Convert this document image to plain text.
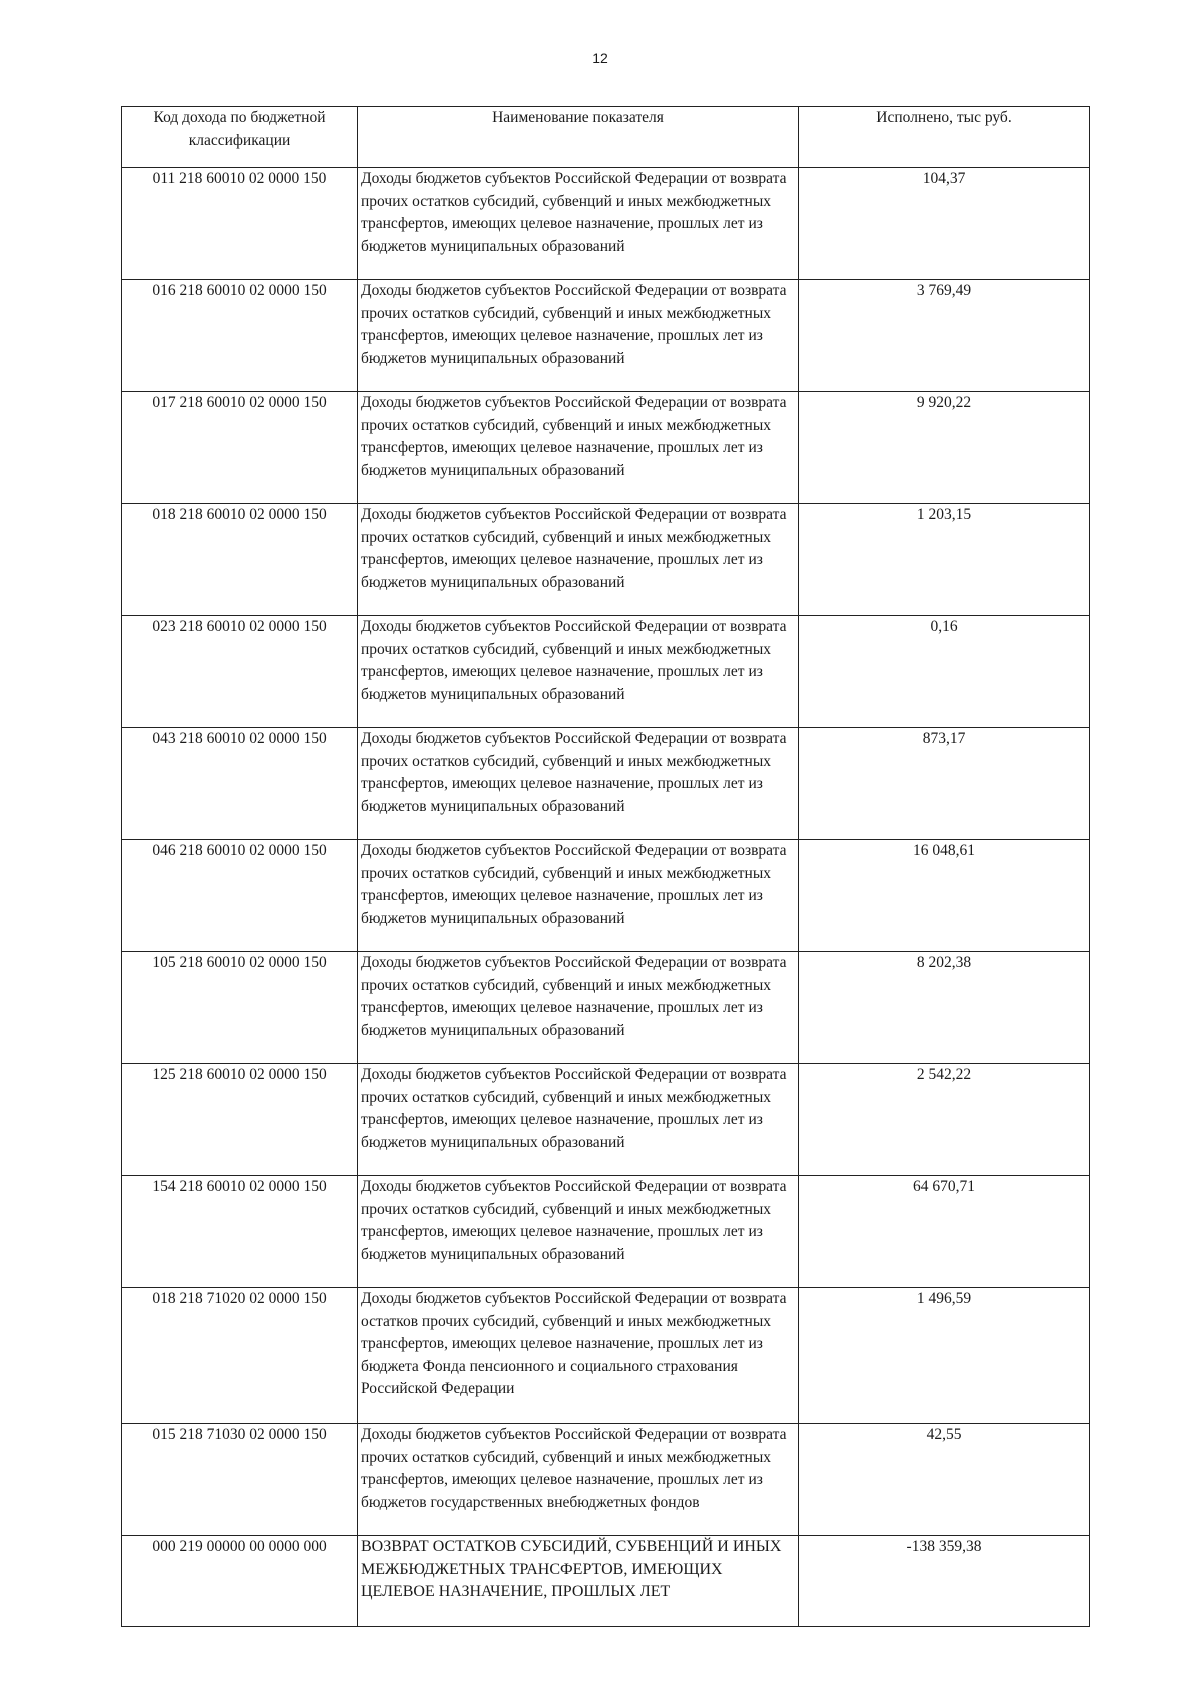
12
Код дохода по бюджетной классификации	Наименование показателя	Исполнено, тыс руб.
011 218 60010 02 0000 150	Доходы бюджетов субъектов Российской Федерации от возврата прочих остатков субсидий, субвенций и иных межбюджетных трансфертов, имеющих целевое назначение, прошлых лет из бюджетов муниципальных образований	104,37
016 218 60010 02 0000 150	Доходы бюджетов субъектов Российской Федерации от возврата прочих остатков субсидий, субвенций и иных межбюджетных трансфертов, имеющих целевое назначение, прошлых лет из бюджетов муниципальных образований	3 769,49
017 218 60010 02 0000 150	Доходы бюджетов субъектов Российской Федерации от возврата прочих остатков субсидий, субвенций и иных межбюджетных трансфертов, имеющих целевое назначение, прошлых лет из бюджетов муниципальных образований	9 920,22
018 218 60010 02 0000 150	Доходы бюджетов субъектов Российской Федерации от возврата прочих остатков субсидий, субвенций и иных межбюджетных трансфертов, имеющих целевое назначение, прошлых лет из бюджетов муниципальных образований	1 203,15
023 218 60010 02 0000 150	Доходы бюджетов субъектов Российской Федерации от возврата прочих остатков субсидий, субвенций и иных межбюджетных трансфертов, имеющих целевое назначение, прошлых лет из бюджетов муниципальных образований	0,16
043 218 60010 02 0000 150	Доходы бюджетов субъектов Российской Федерации от возврата прочих остатков субсидий, субвенций и иных межбюджетных трансфертов, имеющих целевое назначение, прошлых лет из бюджетов муниципальных образований	873,17
046 218 60010 02 0000 150	Доходы бюджетов субъектов Российской Федерации от возврата прочих остатков субсидий, субвенций и иных межбюджетных трансфертов, имеющих целевое назначение, прошлых лет из бюджетов муниципальных образований	16 048,61
105 218 60010 02 0000 150	Доходы бюджетов субъектов Российской Федерации от возврата прочих остатков субсидий, субвенций и иных межбюджетных трансфертов, имеющих целевое назначение, прошлых лет из бюджетов муниципальных образований	8 202,38
125 218 60010 02 0000 150	Доходы бюджетов субъектов Российской Федерации от возврата прочих остатков субсидий, субвенций и иных межбюджетных трансфертов, имеющих целевое назначение, прошлых лет из бюджетов муниципальных образований	2 542,22
154 218 60010 02 0000 150	Доходы бюджетов субъектов Российской Федерации от возврата прочих остатков субсидий, субвенций и иных межбюджетных трансфертов, имеющих целевое назначение, прошлых лет из бюджетов муниципальных образований	64 670,71
018 218 71020 02 0000 150	Доходы бюджетов субъектов Российской Федерации от возврата остатков прочих субсидий, субвенций и иных межбюджетных трансфертов, имеющих целевое назначение, прошлых лет из бюджета Фонда пенсионного и социального страхования Российской Федерации	1 496,59
015 218 71030 02 0000 150	Доходы бюджетов субъектов Российской Федерации от возврата прочих остатков субсидий, субвенций и иных межбюджетных трансфертов, имеющих целевое назначение, прошлых лет из бюджетов государственных внебюджетных фондов	42,55
000 219 00000 00 0000 000	ВОЗВРАТ ОСТАТКОВ СУБСИДИЙ, СУБВЕНЦИЙ И ИНЫХ МЕЖБЮДЖЕТНЫХ ТРАНСФЕРТОВ, ИМЕЮЩИХ ЦЕЛЕВОЕ НАЗНАЧЕНИЕ, ПРОШЛЫХ ЛЕТ	-138 359,38
